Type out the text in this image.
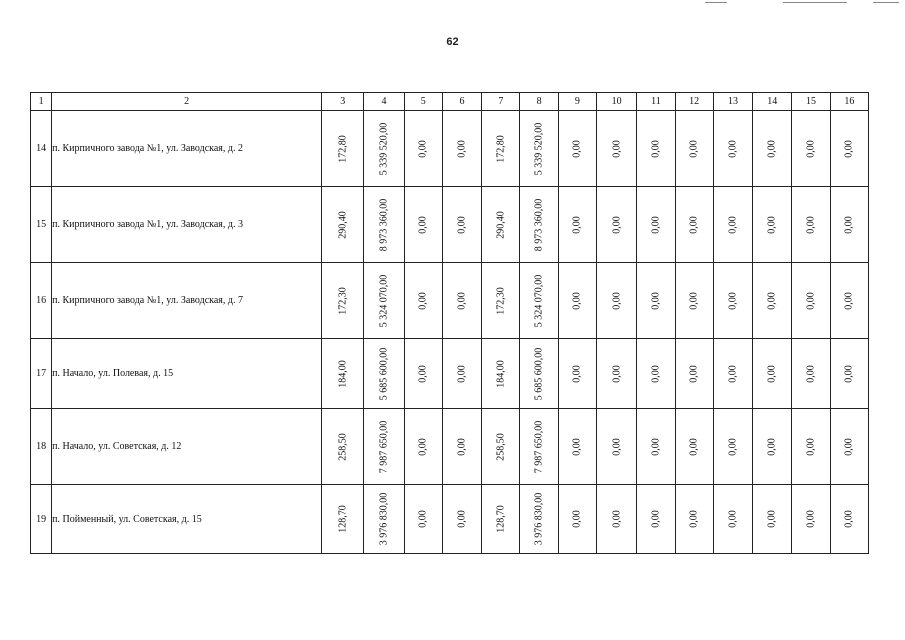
62
1	2	3	4	5	6	7	8	9	10	11	12	13	14	15	16
14	п. Кирпичного завода №1, ул. Заводская, д. 2	172,80	5 339 520,00	0,00	0,00	172,80	5 339 520,00	0,00	0,00	0,00	0,00	0,00	0,00	0,00	0,00

15	п. Кирпичного завода №1, ул. Заводская, д. 3	290,40	8 973 360,00	0,00	0,00	290,40	8 973 360,00	0,00	0,00	0,00	0,00	0,00	0,00	0,00	0,00

16	п. Кирпичного завода №1, ул. Заводская, д. 7	172,30	5 324 070,00	0,00	0,00	172,30	5 324 070,00	0,00	0,00	0,00	0,00	0,00	0,00	0,00	0,00

17	п. Начало, ул. Полевая, д. 15	184,00	5 685 600,00	0,00	0,00	184,00	5 685 600,00	0,00	0,00	0,00	0,00	0,00	0,00	0,00	0,00

18	п. Начало, ул. Советская, д. 12	258,50	7 987 650,00	0,00	0,00	258,50	7 987 650,00	0,00	0,00	0,00	0,00	0,00	0,00	0,00	0,00

19	п. Пойменный, ул. Советская, д. 15	128,70	3 976 830,00	0,00	0,00	128,70	3 976 830,00	0,00	0,00	0,00	0,00	0,00	0,00	0,00	0,00
